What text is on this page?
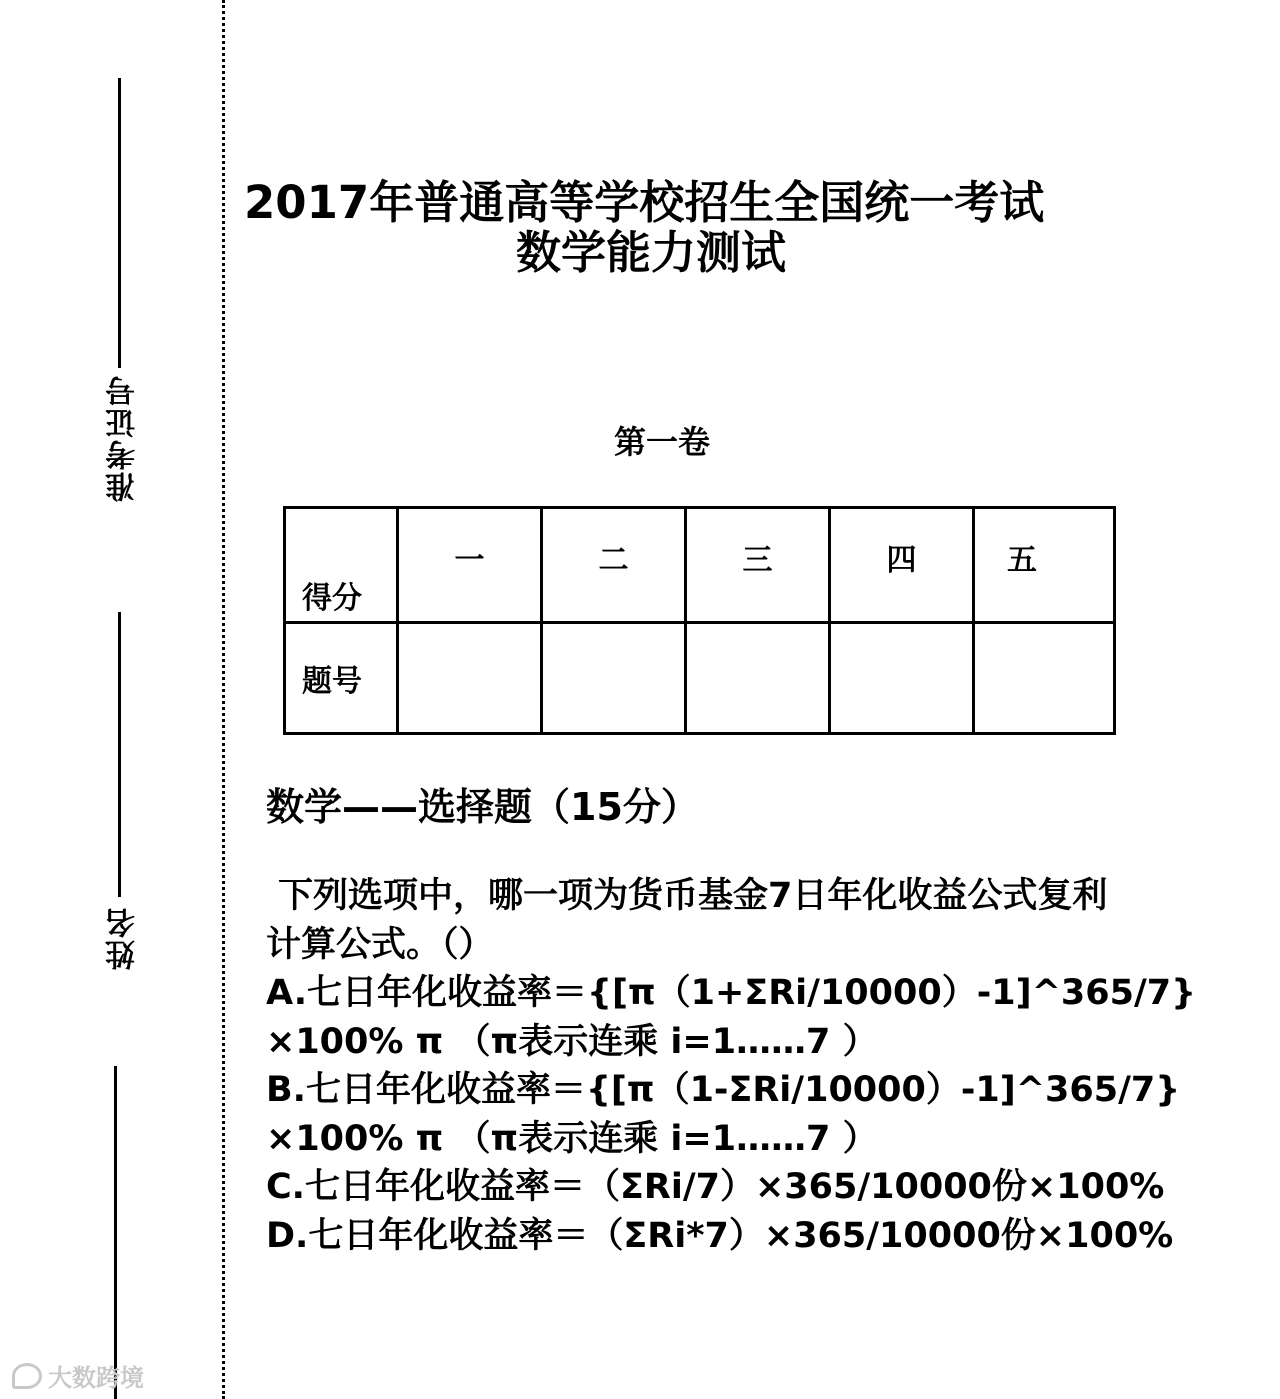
准考证号
姓名
大数跨境
2017年普通高等学校招生全国统一考试
数学能力测试
第一卷
得分	一	二	三	四	五
题号					
数学——选择题（15分）
下列选项中，哪一项为货币基金7日年化收益公式复利
计算公式。（）
A.七日年化收益率＝{[π（1+ΣRi/10000）-1]^365/7}
×100% π （π表示连乘 i=1……7 ）
B.七日年化收益率＝{[π（1-ΣRi/10000）-1]^365/7}
×100% π （π表示连乘 i=1……7 ）
C.七日年化收益率＝（ΣRi/7）×365/10000份×100%
D.七日年化收益率＝（ΣRi*7）×365/10000份×100%
